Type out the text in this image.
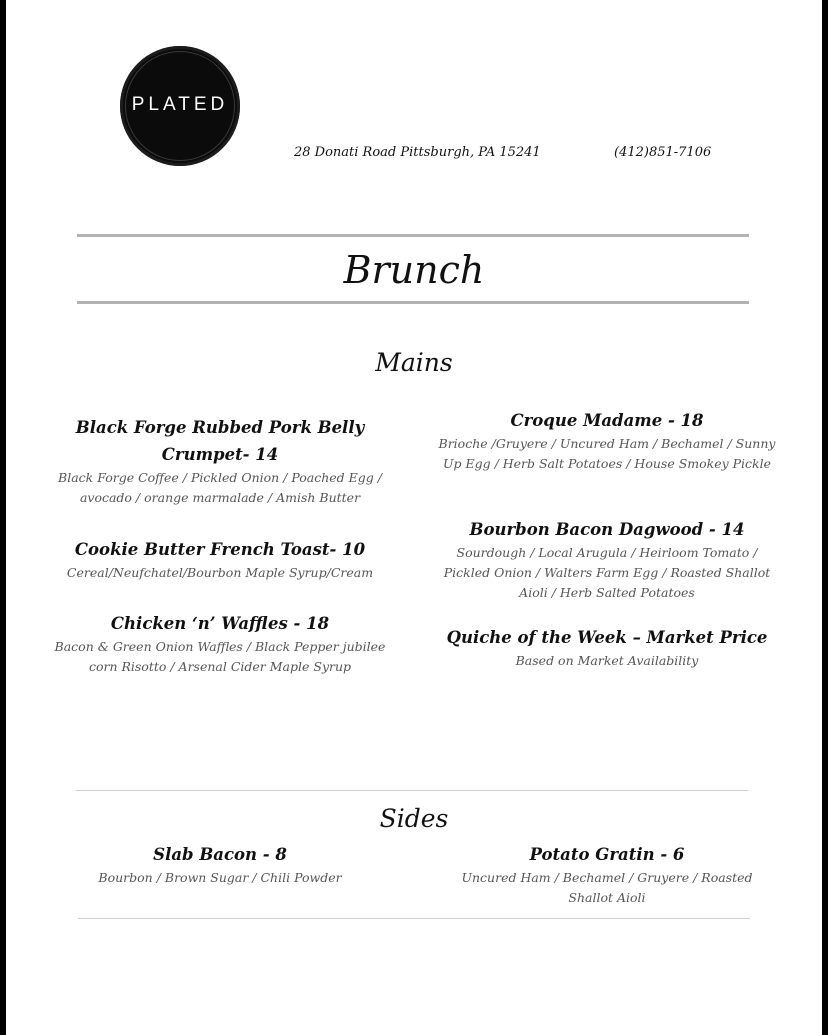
PLATED
28 Donati Road Pittsburgh, PA 15241	(412)851-7106
Brunch
Mains
Black Forge Rubbed Pork Belly Crumpet- 14
Black Forge Coffee / Pickled Onion / Poached Egg / avocado / orange marmalade / Amish Butter
Cookie Butter French Toast- 10
Cereal/Neufchatel/Bourbon Maple Syrup/Cream
Chicken ‘n’ Waffles - 18
Bacon & Green Onion Waffles / Black Pepper jubilee corn Risotto / Arsenal Cider Maple Syrup
Croque Madame - 18
Brioche /Gruyere / Uncured Ham / Bechamel / Sunny Up Egg / Herb Salt Potatoes / House Smokey Pickle
Bourbon Bacon Dagwood - 14
Sourdough / Local Arugula / Heirloom Tomato / Pickled Onion / Walters Farm Egg / Roasted Shallot Aioli / Herb Salted Potatoes
Quiche of the Week – Market Price
Based on Market Availability
Sides
Slab Bacon - 8
Bourbon / Brown Sugar / Chili Powder
Potato Gratin - 6
Uncured Ham / Bechamel / Gruyere / Roasted Shallot Aioli
